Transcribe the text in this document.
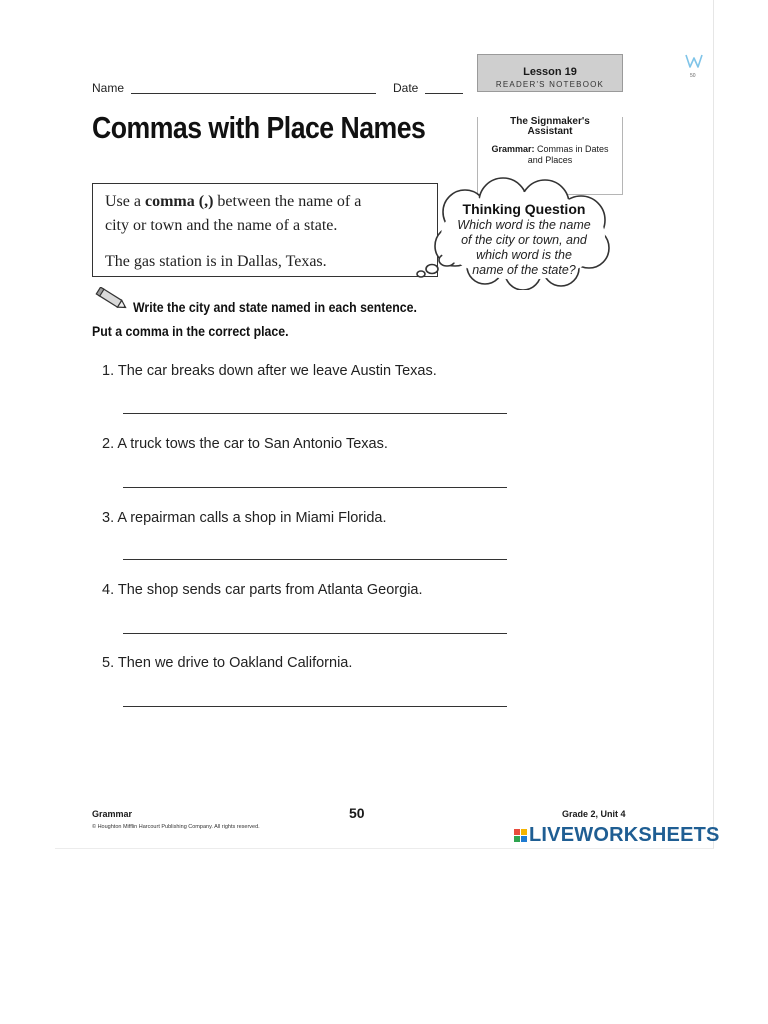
Name	Date
Commas with Place Names
Lesson 19
READER'S NOTEBOOK
The Signmaker's Assistant
Grammar: Commas in Dates
and Places
Use a comma (,) between the name of a
city or town and the name of a state.
The gas station is in Dallas, Texas.
Thinking Question
Which word is the name
of the city or town, and
which word is the
name of the state?
Write the city and state named in each sentence.
Put a comma in the correct place.
1. The car breaks down after we leave Austin Texas.
2. A truck tows the car to San Antonio Texas.
3. A repairman calls a shop in Miami Florida.
4. The shop sends car parts from Atlanta Georgia.
5. Then we drive to Oakland California.
Grammar	50	Grade 2, Unit 4
© Houghton Mifflin Harcourt Publishing Company. All rights reserved.	LIVEWORKSHEETS
50
